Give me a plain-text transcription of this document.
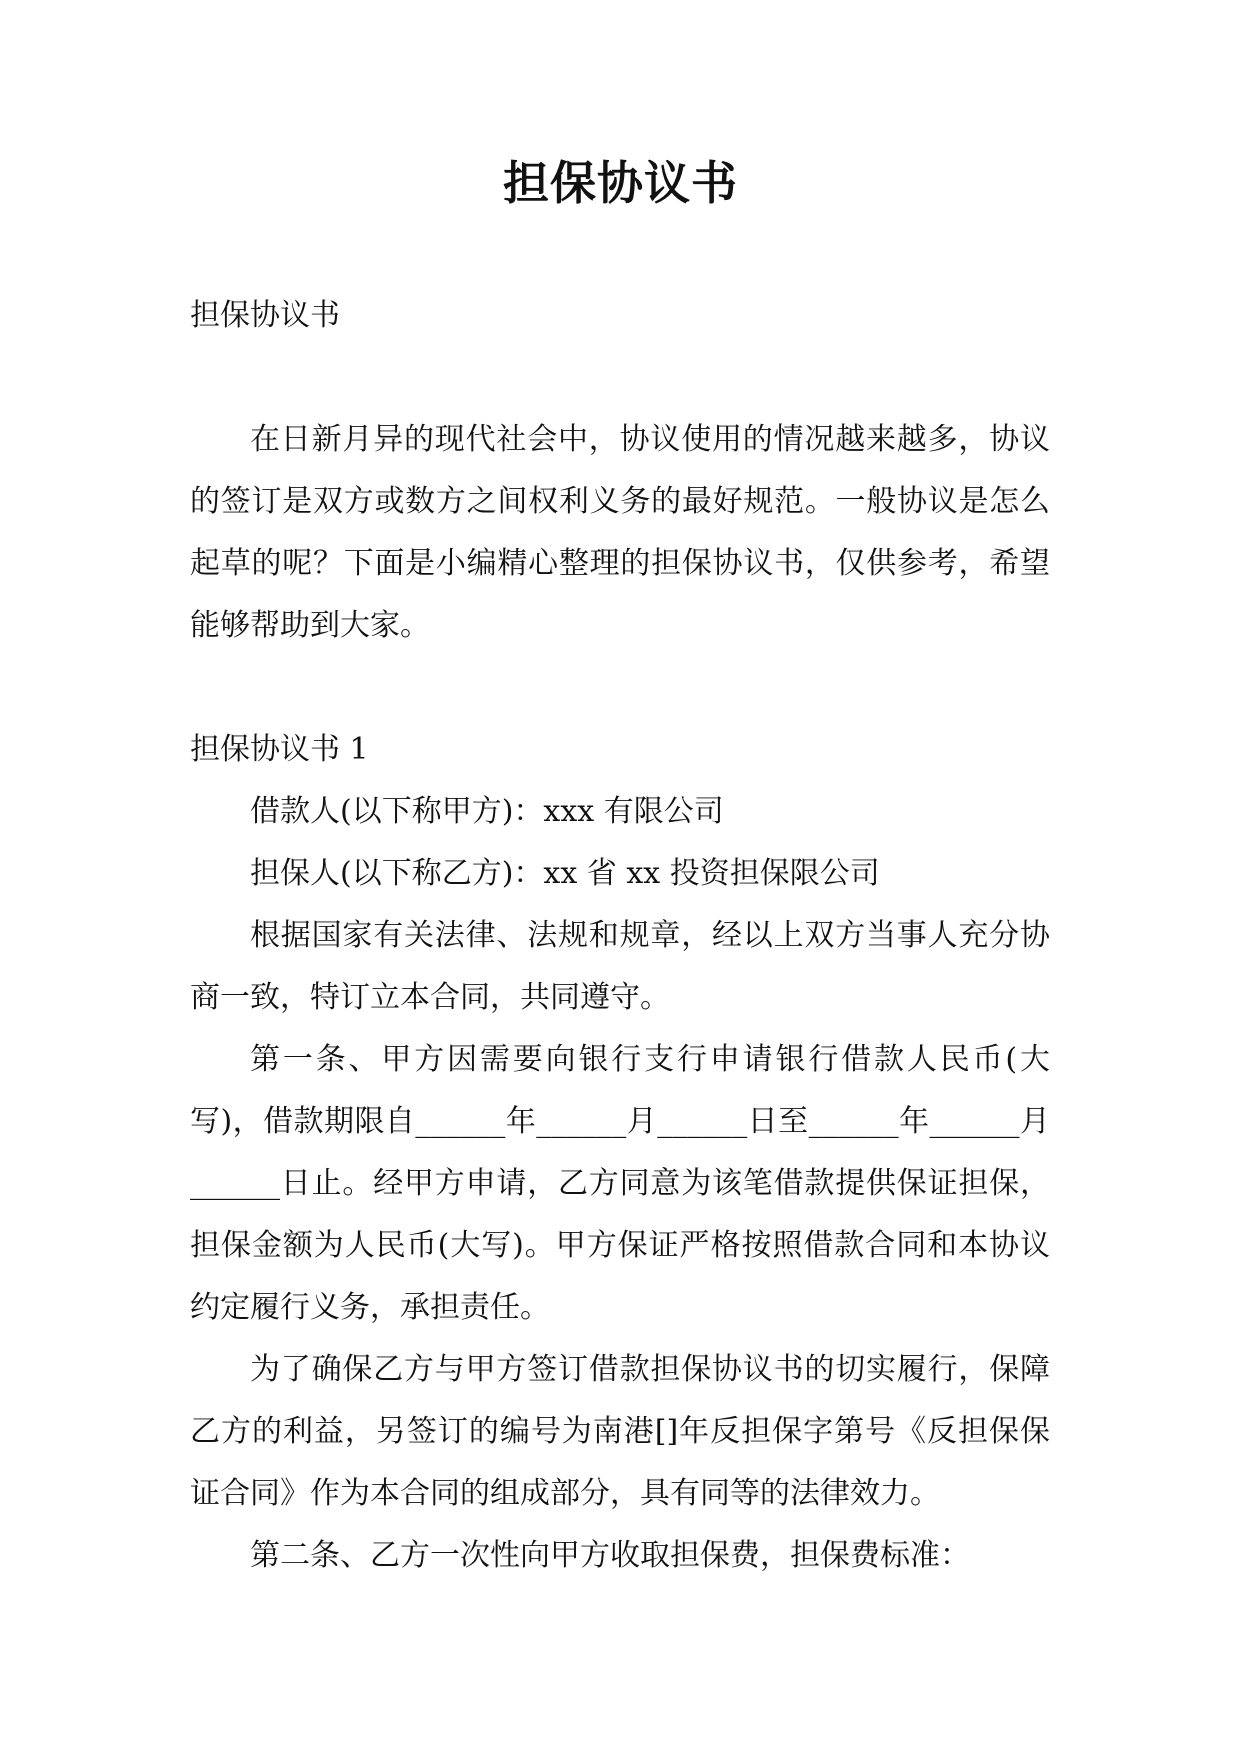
担保协议书

担保协议书

在日新月异的现代社会中，协议使用的情况越来越多，协议的签订是双方或数方之间权利义务的最好规范。一般协议是怎么起草的呢？下面是小编精心整理的担保协议书，仅供参考，希望能够帮助到大家。

担保协议书 1

借款人(以下称甲方)：xxx 有限公司

担保人(以下称乙方)：xx 省 xx 投资担保限公司

根据国家有关法律、法规和规章，经以上双方当事人充分协商一致，特订立本合同，共同遵守。

第一条、甲方因需要向银行支行申请银行借款人民币(大写)，借款期限自______年______月______日至______年______月______日止。经甲方申请，乙方同意为该笔借款提供保证担保，担保金额为人民币(大写)。甲方保证严格按照借款合同和本协议约定履行义务，承担责任。

为了确保乙方与甲方签订借款担保协议书的切实履行，保障乙方的利益，另签订的编号为南港[]年反担保字第号《反担保保证合同》作为本合同的组成部分，具有同等的法律效力。

第二条、乙方一次性向甲方收取担保费，担保费标准：
